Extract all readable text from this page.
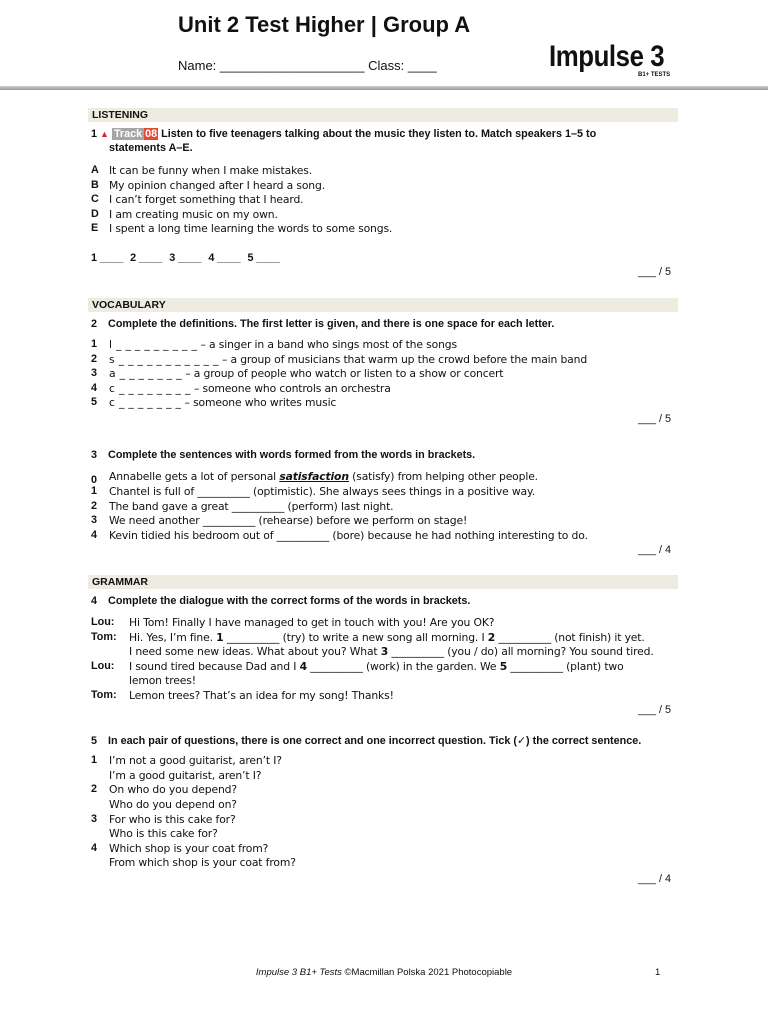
Unit 2 Test Higher | Group A
Name: ____________________ Class: ____	Impulse 3
B1+ TESTS
LISTENING
1 ▲ Track 08 Listen to five teenagers talking about the music they listen to. Match speakers 1–5 to
statements A–E.
A It can be funny when I make mistakes.
B My opinion changed after I heard a song.
C I can’t forget something that I heard.
D I am creating music on my own.
E I spent a long time learning the words to some songs.
1 ____ 2 ____ 3 ____ 4 ____ 5 ____
___ / 5
VOCABULARY
2 Complete the definitions. The first letter is given, and there is one space for each letter.
1 l _ _ _ _ _ _ _ _ _ – a singer in a band who sings most of the songs
2 s _ _ _ _ _ _ _ _ _ _ _ – a group of musicians that warm up the crowd before the main band
3 a _ _ _ _ _ _ _ – a group of people who watch or listen to a show or concert
4 c _ _ _ _ _ _ _ _ – someone who controls an orchestra
5 c _ _ _ _ _ _ _ – someone who writes music
___ / 5
3 Complete the sentences with words formed from the words in brackets.
0 Annabelle gets a lot of personal satisfaction (satisfy) from helping other people.
1 Chantel is full of __________ (optimistic). She always sees things in a positive way.
2 The band gave a great __________ (perform) last night.
3 We need another __________ (rehearse) before we perform on stage!
4 Kevin tidied his bedroom out of __________ (bore) because he had nothing interesting to do.
___ / 4
GRAMMAR
4 Complete the dialogue with the correct forms of the words in brackets.
Lou: Hi Tom! Finally I have managed to get in touch with you! Are you OK?
Tom: Hi. Yes, I’m fine. 1 __________ (try) to write a new song all morning. I 2 __________ (not finish) it yet.
I need some new ideas. What about you? What 3 __________ (you / do) all morning? You sound tired.
Lou: I sound tired because Dad and I 4 __________ (work) in the garden. We 5 __________ (plant) two
lemon trees!
Tom: Lemon trees? That’s an idea for my song! Thanks!
___ / 5
5 In each pair of questions, there is one correct and one incorrect question. Tick (✓) the correct sentence.
1 I’m not a good guitarist, aren’t I?
I’m a good guitarist, aren’t I?
2 On who do you depend?
Who do you depend on?
3 For who is this cake for?
Who is this cake for?
4 Which shop is your coat from?
From which shop is your coat from?
___ / 4
Impulse 3 B1+ Tests ©Macmillan Polska 2021 Photocopiable	1
